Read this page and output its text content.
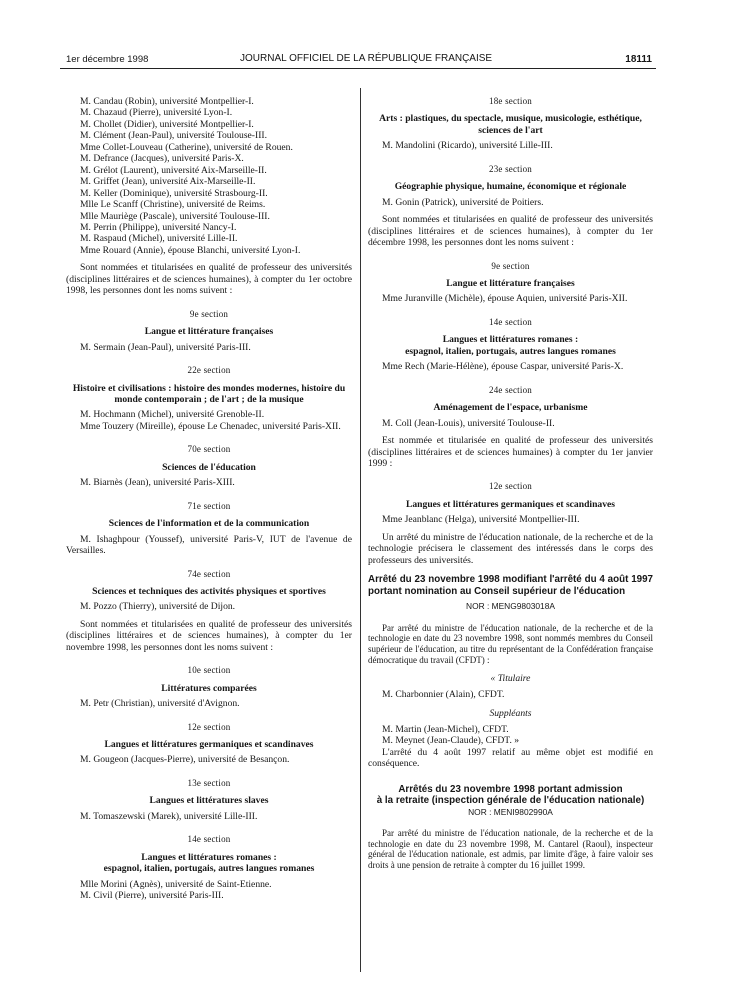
1er décembre 1998	JOURNAL OFFICIEL DE LA RÉPUBLIQUE FRANÇAISE	18111

M. Candau (Robin), université Montpellier-I.

M. Chazaud (Pierre), université Lyon-I.

M. Chollet (Didier), université Montpellier-I.

M. Clément (Jean-Paul), université Toulouse-III.

Mme Collet-Louveau (Catherine), université de Rouen.

M. Defrance (Jacques), université Paris-X.

M. Grélot (Laurent), université Aix-Marseille-II.

M. Griffet (Jean), université Aix-Marseille-II.

M. Keller (Dominique), université Strasbourg-II.

Mlle Le Scanff (Christine), université de Reims.

Mlle Mauriège (Pascale), université Toulouse-III.

M. Perrin (Philippe), université Nancy-I.

M. Raspaud (Michel), université Lille-II.

Mme Rouard (Annie), épouse Blanchi, université Lyon-I.

Sont nommées et titularisées en qualité de professeur des universités (disciplines littéraires et de sciences humaines), à compter du 1er octobre 1998, les personnes dont les noms suivent :

9e section

Langue et littérature françaises

M. Sermain (Jean-Paul), université Paris-III.

22e section

Histoire et civilisations : histoire des mondes modernes, histoire du monde contemporain ; de l'art ; de la musique

M. Hochmann (Michel), université Grenoble-II.

Mme Touzery (Mireille), épouse Le Chenadec, université Paris-XII.

70e section

Sciences de l'éducation

M. Biarnès (Jean), université Paris-XIII.

71e section

Sciences de l'information et de la communication

M. Ishaghpour (Youssef), université Paris-V, IUT de l'avenue de Versailles.

74e section

Sciences et techniques des activités physiques et sportives

M. Pozzo (Thierry), université de Dijon.

Sont nommées et titularisées en qualité de professeur des universités (disciplines littéraires et de sciences humaines), à compter du 1er novembre 1998, les personnes dont les noms suivent :

10e section

Littératures comparées

M. Petr (Christian), université d'Avignon.

12e section

Langues et littératures germaniques et scandinaves

M. Gougeon (Jacques-Pierre), université de Besançon.

13e section

Langues et littératures slaves

M. Tomaszewski (Marek), université Lille-III.

14e section

Langues et littératures romanes :

espagnol, italien, portugais, autres langues romanes

Mlle Morini (Agnès), université de Saint-Etienne.

M. Civil (Pierre), université Paris-III.

18e section

Arts : plastiques, du spectacle, musique, musicologie, esthétique, sciences de l'art

M. Mandolini (Ricardo), université Lille-III.

23e section

Géographie physique, humaine, économique et régionale

M. Gonin (Patrick), université de Poitiers.

Sont nommées et titularisées en qualité de professeur des universités (disciplines littéraires et de sciences humaines), à compter du 1er décembre 1998, les personnes dont les noms suivent :

9e section

Langue et littérature françaises

Mme Juranville (Michèle), épouse Aquien, université Paris-XII.

14e section

Langues et littératures romanes :

espagnol, italien, portugais, autres langues romanes

Mme Rech (Marie-Hélène), épouse Caspar, université Paris-X.

24e section

Aménagement de l'espace, urbanisme

M. Coll (Jean-Louis), université Toulouse-II.

Est nommée et titularisée en qualité de professeur des universités (disciplines littéraires et de sciences humaines) à compter du 1er janvier 1999 :

12e section

Langues et littératures germaniques et scandinaves

Mme Jeanblanc (Helga), université Montpellier-III.

Un arrêté du ministre de l'éducation nationale, de la recherche et de la technologie précisera le classement des intéressés dans le corps des professeurs des universités.

Arrêté du 23 novembre 1998 modifiant l'arrêté du 4 août 1997 portant nomination au Conseil supérieur de l'éducation

NOR : MENG9803018A

Par arrêté du ministre de l'éducation nationale, de la recherche et de la technologie en date du 23 novembre 1998, sont nommés membres du Conseil supérieur de l'éducation, au titre du représentant de la Confédération française démocratique du travail (CFDT) :

« Titulaire

M. Charbonnier (Alain), CFDT.

Suppléants

M. Martin (Jean-Michel), CFDT.

M. Meynet (Jean-Claude), CFDT. »

L'arrêté du 4 août 1997 relatif au même objet est modifié en conséquence.

Arrêtés du 23 novembre 1998 portant admission

à la retraite (inspection générale de l'éducation nationale)

NOR : MENI9802990A

Par arrêté du ministre de l'éducation nationale, de la recherche et de la technologie en date du 23 novembre 1998, M. Cantarel (Raoul), inspecteur général de l'éducation nationale, est admis, par limite d'âge, à faire valoir ses droits à une pension de retraite à compter du 16 juillet 1999.
